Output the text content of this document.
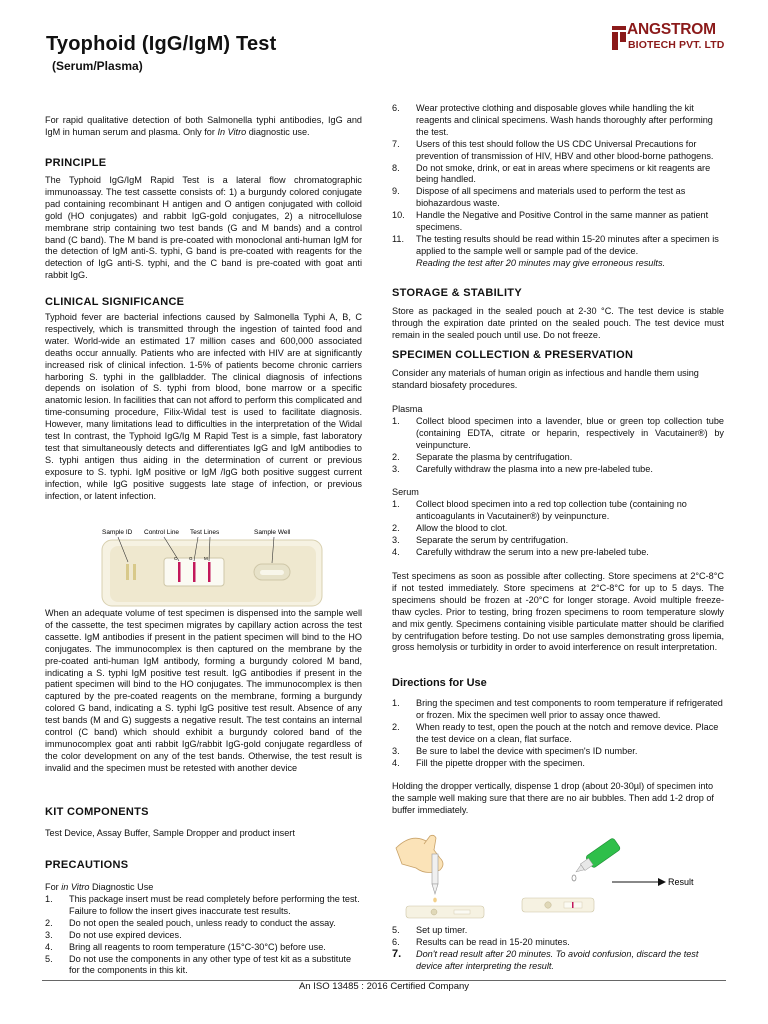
Tyophoid (IgG/IgM) Test
(Serum/Plasma)
ANGSTROM
BIOTECH PVT. LTD

For rapid qualitative detection of both Salmonella typhi antibodies, IgG and IgM in human serum and plasma. Only for In Vitro diagnostic use.

PRINCIPLE
The Typhoid IgG/IgM Rapid Test is a lateral flow chromatographic immunoassay. The test cassette consists of: 1) a burgundy colored conjugate pad containing recombinant H antigen and O antigen conjugated with colloid gold (HO conjugates) and rabbit IgG-gold conjugates, 2) a nitrocellulose membrane strip containing two test bands (G and M bands) and a control band (C band). The M band is pre-coated with monoclonal anti-human IgM for the detection of IgM anti-S. typhi, G band is pre-coated with reagents for the detection of IgG anti-S. typhi, and the C band is pre-coated with goat anti rabbit IgG.
CLINICAL SIGNIFICANCE
Typhoid fever are bacterial infections caused by Salmonella Typhi A, B, C respectively, which is transmitted through the ingestion of tainted food and water. World-wide an estimated 17 million cases and 600,000 associated deaths occur annually. Patients who are infected with HIV are at significantly increased risk of clinical infection. 1-5% of patients become chronic carriers harboring S. typhi in the gallbladder. The clinical diagnosis of infections depends on isolation of S. typhi from blood, bone marrow or a specific anatomic lesion. In facilities that can not afford to perform this complicated and time-consuming procedure, Filix-Widal test is used to facilitate diagnosis. However, many limitations lead to difficulties in the interpretation of the Widal test In contrast, the Typhoid IgG/Ig M Rapid Test is a simple, fast laboratory test that simultaneously detects and differentiates IgG and IgM antibodies to S. typhi antigen thus aiding in the determination of current or previous exposure to S. typhi. IgM positive or IgM /IgG both positive suggest current infection, while IgG positive suggests late stage of infection, or previous infection, or latent infection.
Sample ID Control Line Test Lines	Sample Well
C	G	M
When an adequate volume of test specimen is dispensed into the sample well of the cassette, the test specimen migrates by capillary action across the test cassette. IgM antibodies if present in the patient specimen will bind to the HO conjugates. The immunocomplex is then captured on the membrane by the pre-coated anti-human IgM antibody, forming a burgundy colored M band, indicating a S. typhi IgM positive test result. IgG antibodies if present in the patient specimen will bind to the HO conjugates. The immunocomplex is then captured by the pre-coated reagents on the membrane, forming a burgundy colored G band, indicating a S. typhi IgG positive test result. Absence of any test bands (M and G) suggests a negative result. The test contains an internal control (C band) which should exhibit a burgundy colored band of the immunocomplex goat anti rabbit IgG/rabbit IgG-gold conjugate regardless of the color development on any of the test bands. Otherwise, the test result is invalid and the specimen must be retested with another device
KIT COMPONENTS
Test Device, Assay Buffer, Sample Dropper and product insert
PRECAUTIONS

For in Vitro Diagnostic Use

1. This package insert must be read completely before performing the test. Failure to follow the insert gives inaccurate test results.
2. Do not open the sealed pouch, unless ready to conduct the assay.
3. Do not use expired devices.
4. Bring all reagents to room temperature (15°C-30°C) before use.
5. Do not use the components in any other type of test kit as a substitute for the components in this kit.
6. Wear protective clothing and disposable gloves while handling the kit reagents and clinical specimens. Wash hands thoroughly after performing the test.
7. Users of this test should follow the US CDC Universal Precautions for prevention of transmission of HIV, HBV and other blood-borne pathogens.
8. Do not smoke, drink, or eat in areas where specimens or kit reagents are being handled.
9. Dispose of all specimens and materials used to perform the test as biohazardous waste.
10. Handle the Negative and Positive Control in the same manner as patient specimens.
11. The testing results should be read within 15-20 minutes after a specimen is applied to the sample well or sample pad of the device.
Reading the test after 20 minutes may give erroneous results.
STORAGE & STABILITY
Store as packaged in the sealed pouch at 2-30 °C. The test device is stable through the expiration date printed on the sealed pouch. The test device must remain in the sealed pouch until use. Do not freeze.
SPECIMEN COLLECTION & PRESERVATION
Consider any materials of human origin as infectious and handle them using standard biosafety procedures.
Plasma
1. Collect blood specimen into a lavender, blue or green top collection tube (containing EDTA, citrate or heparin, respectively in Vacutainer®) by veinpuncture.
2. Separate the plasma by centrifugation.
3. Carefully withdraw the plasma into a new pre-labeled tube.
Serum
1. Collect blood specimen into a red top collection tube (containing no anticoagulants in Vacutainer®) by veinpuncture.
2. Allow the blood to clot.
3. Separate the serum by centrifugation.
4. Carefully withdraw the serum into a new pre-labeled tube.
Test specimens as soon as possible after collecting. Store specimens at 2°C-8°C if not tested immediately. Store specimens at 2°C-8°C for up to 5 days. The specimens should be frozen at -20°C for longer storage. Avoid multiple freeze-thaw cycles. Prior to testing, bring frozen specimens to room temperature slowly and mix gently. Specimens containing visible particulate matter should be clarified by centrifugation before testing. Do not use samples demonstrating gross lipemia, gross hemolysis or turbidity in order to avoid interference on result interpretation.
Directions for Use
1. Bring the specimen and test components to room temperature if refrigerated or frozen. Mix the specimen well prior to assay once thawed.
2. When ready to test, open the pouch at the notch and remove device. Place the test device on a clean, flat surface.
3. Be sure to label the device with specimen's ID number.
4. Fill the pipette dropper with the specimen.
Holding the dropper vertically, dispense 1 drop (about 20-30µl) of specimen into the sample well making sure that there are no air bubbles. Then add 1-2 drop of buffer immediately.
Result
5. Set up timer.
6. Results can be read in 15-20 minutes.
7. Don't read result after 20 minutes. To avoid confusion, discard the test device after interpreting the result.
An ISO 13485 : 2016 Certified Company
